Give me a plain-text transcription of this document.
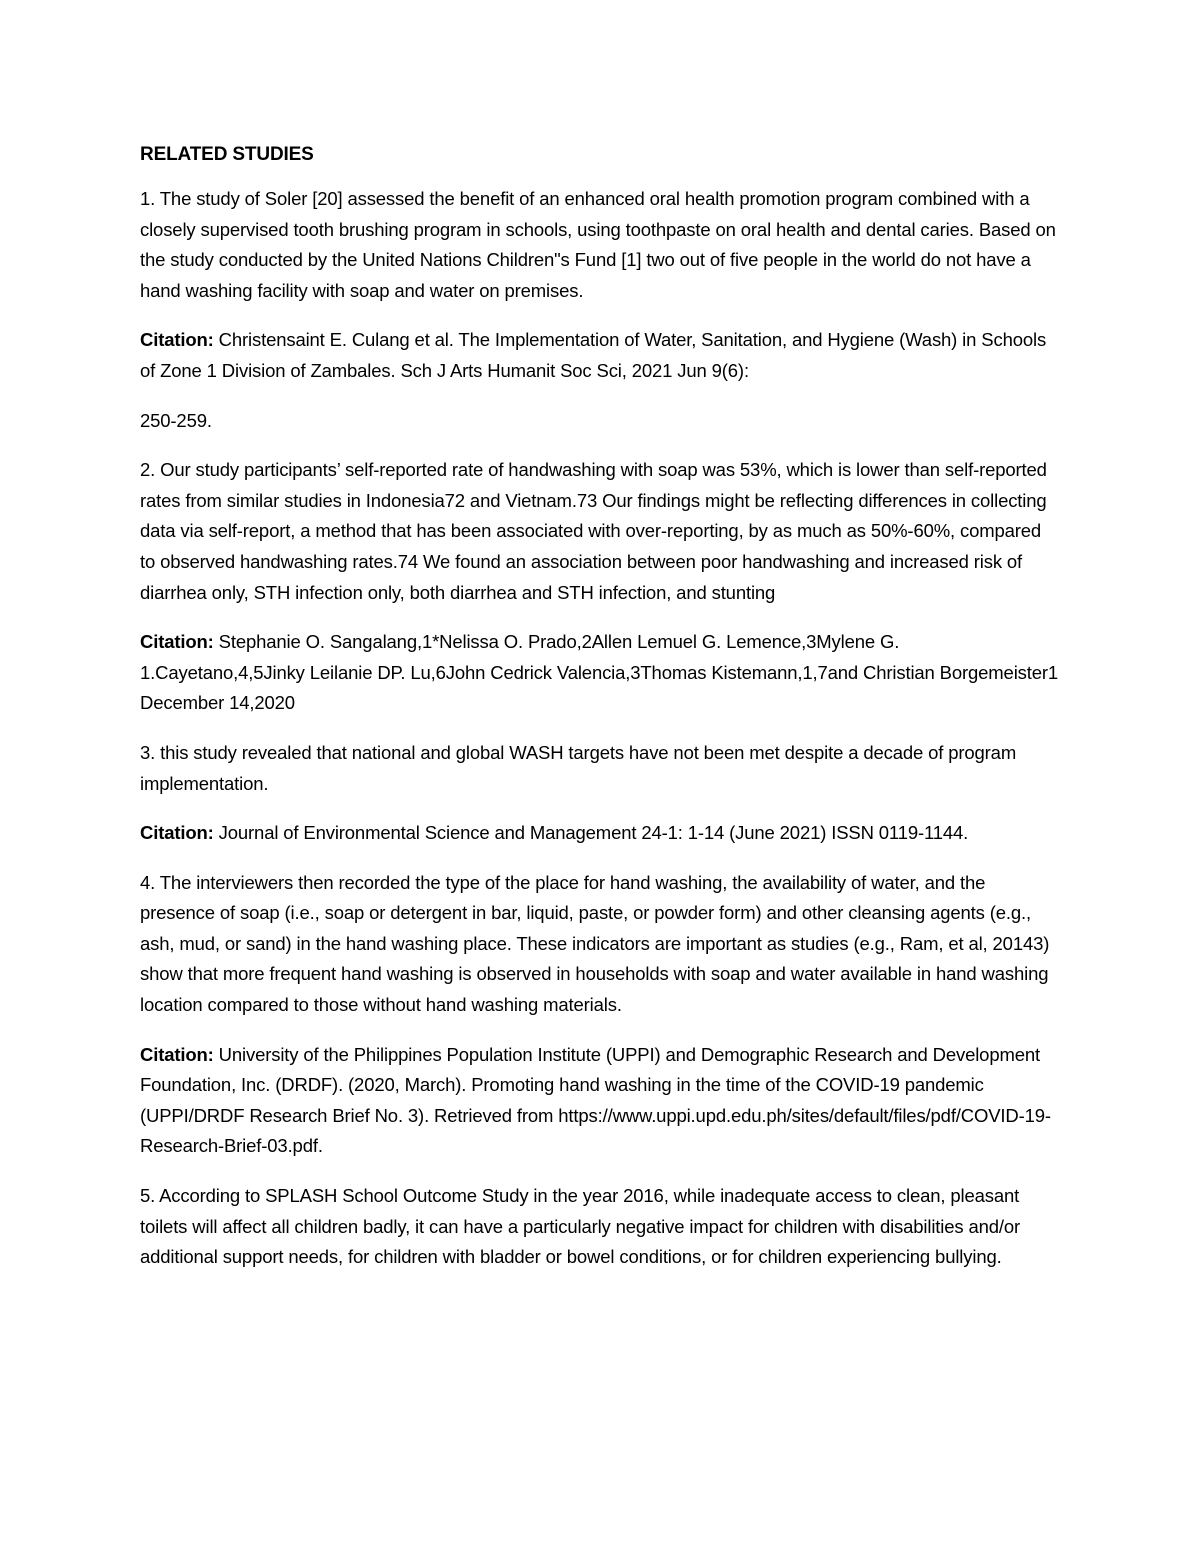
RELATED STUDIES

1. The study of Soler [20] assessed the benefit of an enhanced oral health promotion program combined with a closely supervised tooth brushing program in schools, using toothpaste on oral health and dental caries. Based on the study conducted by the United Nations Children"s Fund [1] two out of five people in the world do not have a hand washing facility with soap and water on premises.

Citation: Christensaint E. Culang et al. The Implementation of Water, Sanitation, and Hygiene (Wash) in Schools of Zone 1 Division of Zambales. Sch J Arts Humanit Soc Sci, 2021 Jun 9(6):

250-259.

2. Our study participants’ self-reported rate of handwashing with soap was 53%, which is lower than self-reported rates from similar studies in Indonesia72 and Vietnam.73 Our findings might be reflecting differences in collecting data via self-report, a method that has been associated with over-reporting, by as much as 50%-60%, compared to observed handwashing rates.74 We found an association between poor handwashing and increased risk of diarrhea only, STH infection only, both diarrhea and STH infection, and stunting

Citation: Stephanie O. Sangalang,1*Nelissa O. Prado,2Allen Lemuel G. Lemence,3Mylene G. 1.Cayetano,4,5Jinky Leilanie DP. Lu,6John Cedrick Valencia,3Thomas Kistemann,1,7and Christian Borgemeister1 December 14,2020

3. this study revealed that national and global WASH targets have not been met despite a decade of program implementation.

Citation: Journal of Environmental Science and Management 24-1: 1-14 (June 2021) ISSN 0119-1144.

4. The interviewers then recorded the type of the place for hand washing, the availability of water, and the presence of soap (i.e., soap or detergent in bar, liquid, paste, or powder form) and other cleansing agents (e.g., ash, mud, or sand) in the hand washing place. These indicators are important as studies (e.g., Ram, et al, 20143) show that more frequent hand washing is observed in households with soap and water available in hand washing location compared to those without hand washing materials.

Citation: University of the Philippines Population Institute (UPPI) and Demographic Research and Development Foundation, Inc. (DRDF). (2020, March). Promoting hand washing in the time of the COVID-19 pandemic (UPPI/DRDF Research Brief No. 3). Retrieved from https://www.uppi.upd.edu.ph/sites/default/files/pdf/COVID-19-Research-Brief-03.pdf.

5. According to SPLASH School Outcome Study in the year 2016, while inadequate access to clean, pleasant toilets will affect all children badly, it can have a particularly negative impact for children with disabilities and/or additional support needs, for children with bladder or bowel conditions, or for children experiencing bullying.
